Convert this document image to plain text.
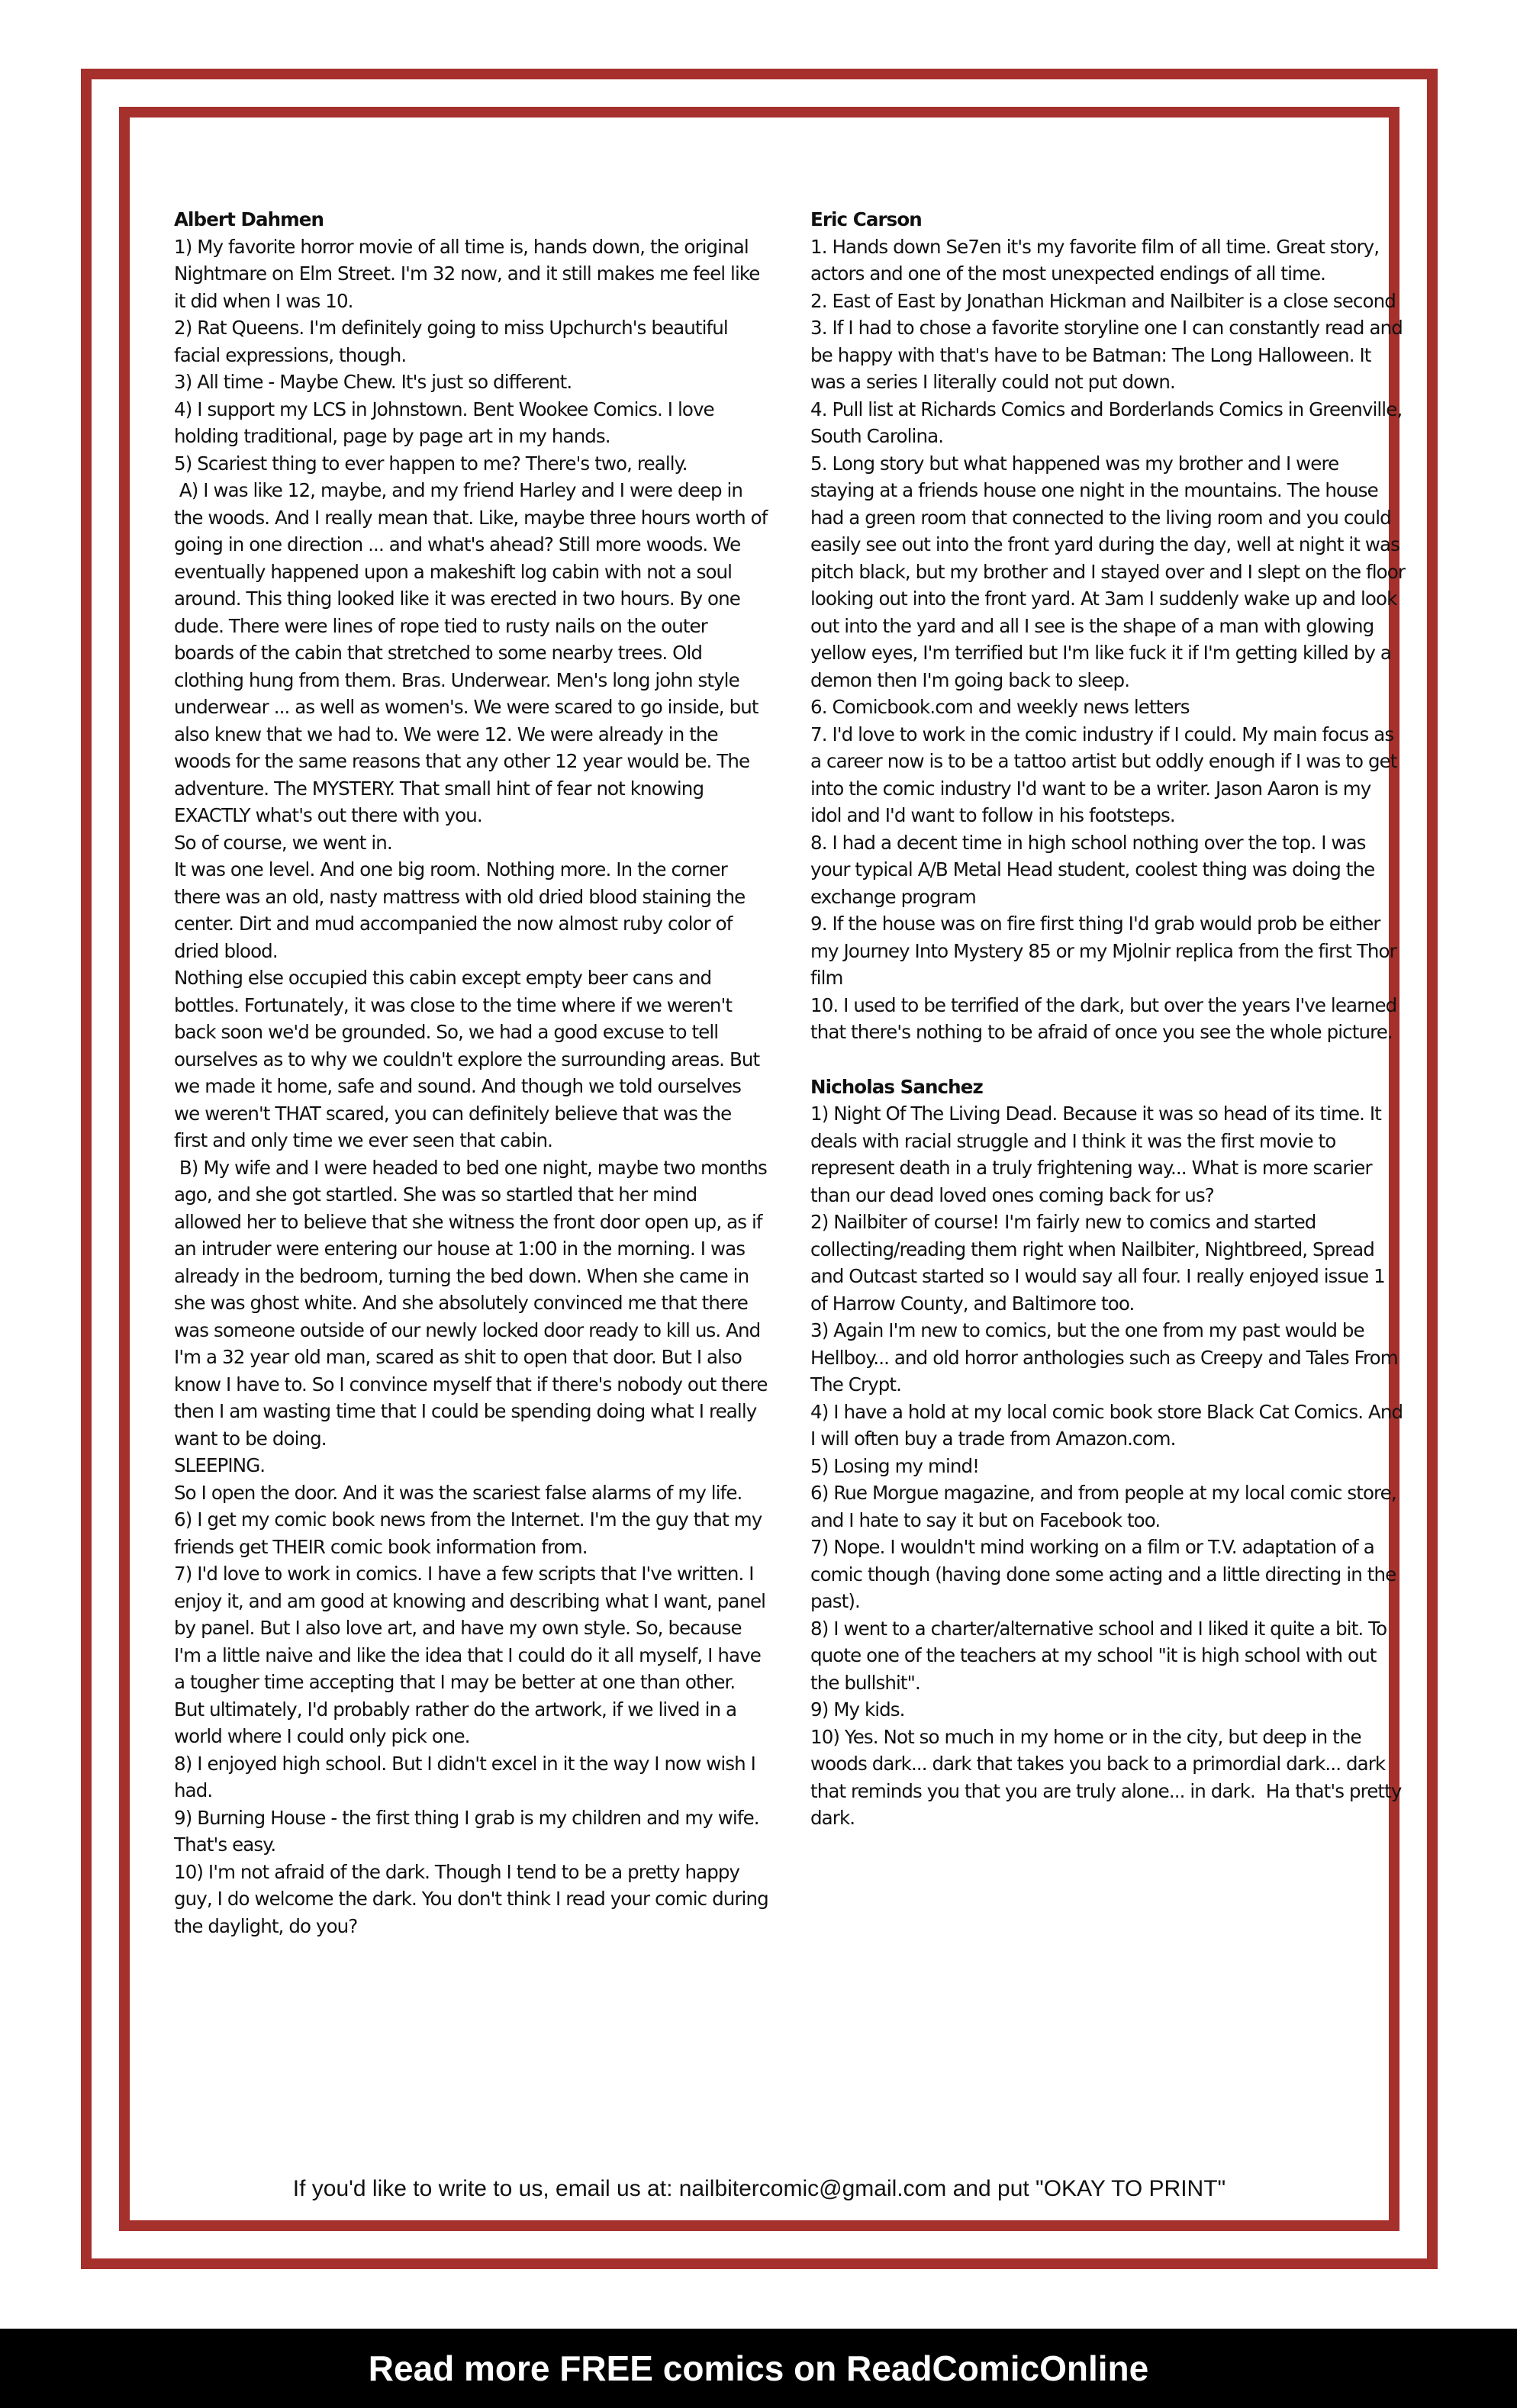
Albert Dahmen
1) My favorite horror movie of all time is, hands down, the original Nightmare on Elm Street. I'm 32 now, and it still makes me feel like it did when I was 10.
2) Rat Queens. I'm definitely going to miss Upchurch's beautiful facial expressions, though.
3) All time - Maybe Chew. It's just so different.
4) I support my LCS in Johnstown. Bent Wookee Comics. I love holding traditional, page by page art in my hands.
5) Scariest thing to ever happen to me? There's two, really.
A) I was like 12, maybe, and my friend Harley and I were deep in the woods. And I really mean that. Like, maybe three hours worth of going in one direction ... and what's ahead? Still more woods. We eventually happened upon a makeshift log cabin with not a soul around. This thing looked like it was erected in two hours. By one dude. There were lines of rope tied to rusty nails on the outer boards of the cabin that stretched to some nearby trees. Old clothing hung from them. Bras. Underwear. Men's long john style underwear ... as well as women's. We were scared to go inside, but also knew that we had to. We were 12. We were already in the woods for the same reasons that any other 12 year would be. The adventure. The MYSTERY. That small hint of fear not knowing EXACTLY what's out there with you.
So of course, we went in.
It was one level. And one big room. Nothing more. In the corner there was an old, nasty mattress with old dried blood staining the center. Dirt and mud accompanied the now almost ruby color of dried blood.
Nothing else occupied this cabin except empty beer cans and bottles. Fortunately, it was close to the time where if we weren't back soon we'd be grounded. So, we had a good excuse to tell ourselves as to why we couldn't explore the surrounding areas. But we made it home, safe and sound. And though we told ourselves we weren't THAT scared, you can definitely believe that was the first and only time we ever seen that cabin.
B) My wife and I were headed to bed one night, maybe two months ago, and she got startled. She was so startled that her mind allowed her to believe that she witness the front door open up, as if an intruder were entering our house at 1:00 in the morning. I was already in the bedroom, turning the bed down. When she came in she was ghost white. And she absolutely convinced me that there was someone outside of our newly locked door ready to kill us. And I'm a 32 year old man, scared as shit to open that door. But I also know I have to. So I convince myself that if there's nobody out there then I am wasting time that I could be spending doing what I really want to be doing.
SLEEPING.
So I open the door. And it was the scariest false alarms of my life.
6) I get my comic book news from the Internet. I'm the guy that my friends get THEIR comic book information from.
7) I'd love to work in comics. I have a few scripts that I've written. I enjoy it, and am good at knowing and describing what I want, panel by panel. But I also love art, and have my own style. So, because I'm a little naive and like the idea that I could do it all myself, I have a tougher time accepting that I may be better at one than other. But ultimately, I'd probably rather do the artwork, if we lived in a world where I could only pick one.
8) I enjoyed high school. But I didn't excel in it the way I now wish I had.
9) Burning House - the first thing I grab is my children and my wife. That's easy.
10) I'm not afraid of the dark. Though I tend to be a pretty happy guy, I do welcome the dark. You don't think I read your comic during the daylight, do you?
Eric Carson
1. Hands down Se7en it's my favorite film of all time. Great story, actors and one of the most unexpected endings of all time.
2. East of East by Jonathan Hickman and Nailbiter is a close second
3. If I had to chose a favorite storyline one I can constantly read and be happy with that's have to be Batman: The Long Halloween. It was a series I literally could not put down.
4. Pull list at Richards Comics and Borderlands Comics in Greenville, South Carolina.
5. Long story but what happened was my brother and I were staying at a friends house one night in the mountains. The house had a green room that connected to the living room and you could easily see out into the front yard during the day, well at night it was pitch black, but my brother and I stayed over and I slept on the floor looking out into the front yard. At 3am I suddenly wake up and look out into the yard and all I see is the shape of a man with glowing yellow eyes, I'm terrified but I'm like fuck it if I'm getting killed by a demon then I'm going back to sleep.
6. Comicbook.com and weekly news letters
7. I'd love to work in the comic industry if I could. My main focus as a career now is to be a tattoo artist but oddly enough if I was to get into the comic industry I'd want to be a writer. Jason Aaron is my idol and I'd want to follow in his footsteps.
8. I had a decent time in high school nothing over the top. I was your typical A/B Metal Head student, coolest thing was doing the exchange program
9. If the house was on fire first thing I'd grab would prob be either my Journey Into Mystery 85 or my Mjolnir replica from the first Thor film
10. I used to be terrified of the dark, but over the years I've learned that there's nothing to be afraid of once you see the whole picture.
Nicholas Sanchez
1) Night Of The Living Dead. Because it was so head of its time. It deals with racial struggle and I think it was the first movie to represent death in a truly frightening way... What is more scarier than our dead loved ones coming back for us?
2) Nailbiter of course! I'm fairly new to comics and started collecting/reading them right when Nailbiter, Nightbreed, Spread and Outcast started so I would say all four. I really enjoyed issue 1 of Harrow County, and Baltimore too.
3) Again I'm new to comics, but the one from my past would be Hellboy... and old horror anthologies such as Creepy and Tales From The Crypt.
4) I have a hold at my local comic book store Black Cat Comics. And I will often buy a trade from Amazon.com.
5) Losing my mind!
6) Rue Morgue magazine, and from people at my local comic store, and I hate to say it but on Facebook too.
7) Nope. I wouldn't mind working on a film or T.V. adaptation of a comic though (having done some acting and a little directing in the past).
8) I went to a charter/alternative school and I liked it quite a bit. To quote one of the teachers at my school "it is high school with out the bullshit".
9) My kids.
10) Yes. Not so much in my home or in the city, but deep in the woods dark... dark that takes you back to a primordial dark... dark that reminds you that you are truly alone... in dark.  Ha that's pretty dark.
If you'd like to write to us, email us at: nailbitercomic@gmail.com and put "OKAY TO PRINT"
Read more FREE comics on ReadComicOnline
